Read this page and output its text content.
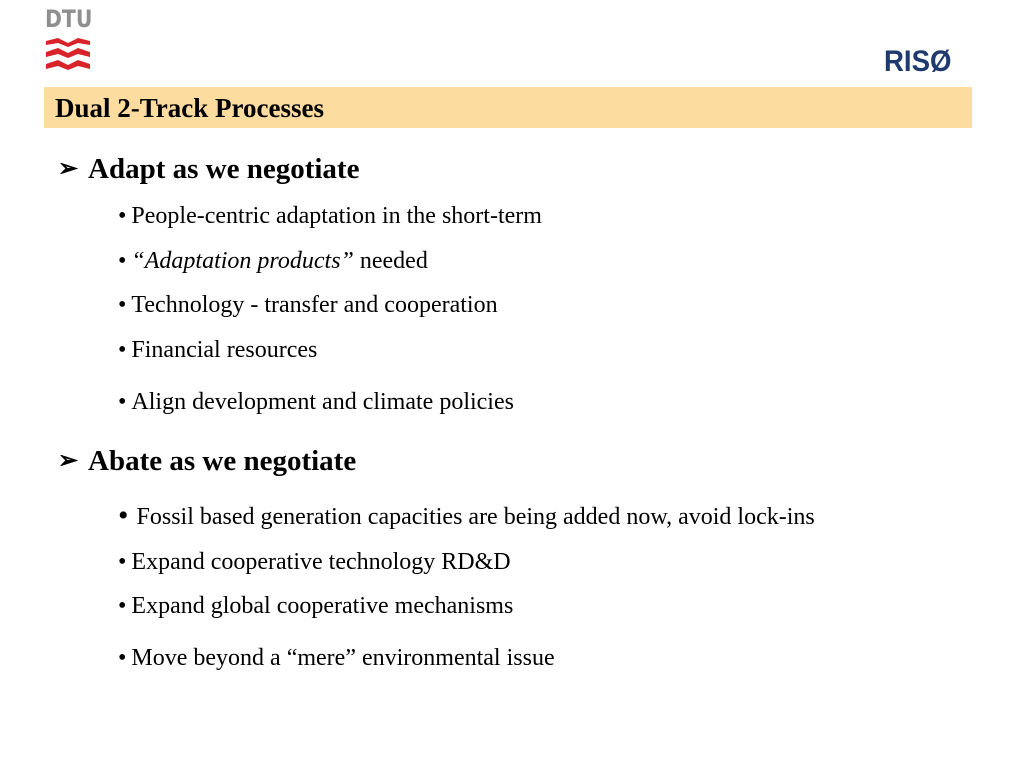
DTU
RISØ
Dual 2-Track Processes
➢ Adapt as we negotiate
• People-centric adaptation in the short-term
• “Adaptation products” needed
• Technology - transfer and cooperation
• Financial resources
• Align development and climate policies
➢ Abate as we negotiate
• Fossil based generation capacities are being added now, avoid lock-ins
• Expand cooperative technology RD&D
• Expand global cooperative mechanisms
• Move beyond a “mere” environmental issue
